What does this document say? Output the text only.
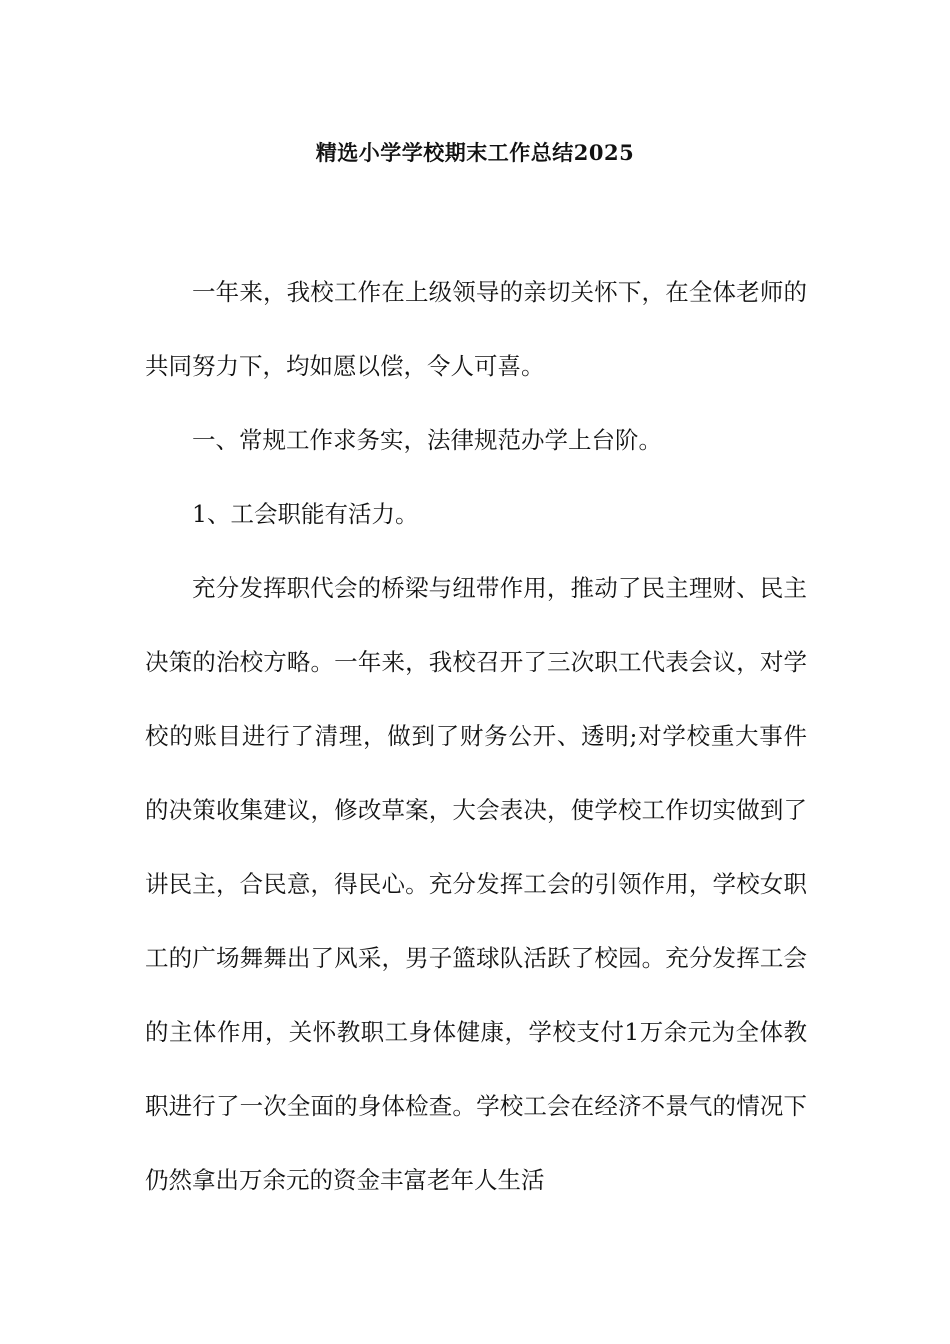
精选小学学校期末工作总结2025

一年来，我校工作在上级领导的亲切关怀下，在全体老师的共同努力下，均如愿以偿，令人可喜。

一、常规工作求务实，法律规范办学上台阶。

1、工会职能有活力。

充分发挥职代会的桥梁与纽带作用，推动了民主理财、民主决策的治校方略。一年来，我校召开了三次职工代表会议，对学校的账目进行了清理，做到了财务公开、透明;对学校重大事件的决策收集建议，修改草案，大会表决，使学校工作切实做到了讲民主，合民意，得民心。充分发挥工会的引领作用，学校女职工的广场舞舞出了风采，男子篮球队活跃了校园。充分发挥工会的主体作用，关怀教职工身体健康，学校支付1万余元为全体教职进行了一次全面的身体检查。学校工会在经济不景气的情况下仍然拿出万余元的资金丰富老年人生活
